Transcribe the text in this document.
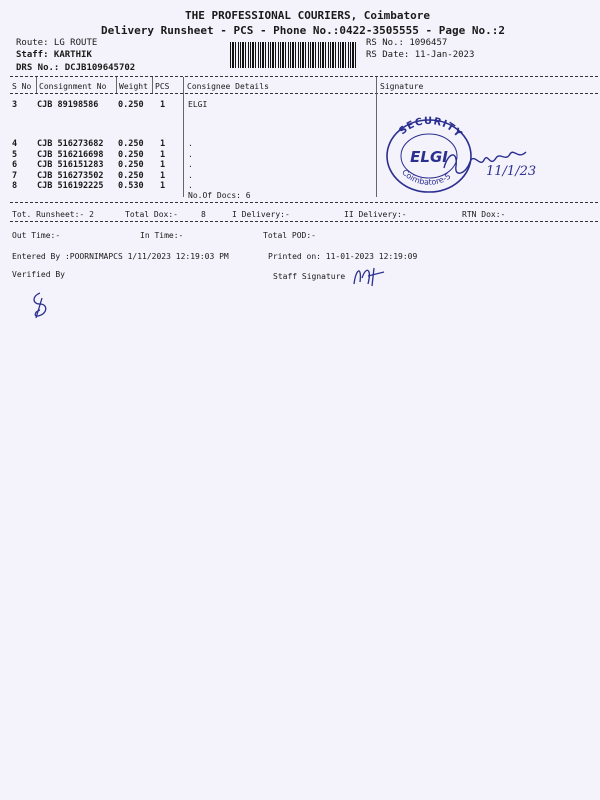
THE PROFESSIONAL COURIERS, Coimbatore
Delivery Runsheet - PCS - Phone No.:0422-3505555 - Page No.:2
Route: LG ROUTE
Staff: KARTHIK
DRS No.: DCJB109645702
RS No.: 1096457
RS Date: 11-Jan-2023
S No Consignment No Weight PCS Consignee Details	Signature
3 CJB 89198586 0.250 1	ELGI
4 CJB 516273682 0.250 1	.
5 CJB 516216698 0.250 1	.
6 CJB 516151283 0.250 1	.
7 CJB 516273502 0.250 1	.
8 CJB 516192225 0.530 1	.
No.Of Docs: 6
SECURITY
ELGI
Coimbatore-5	11/1/23
Tot. Runsheet:- 2	Total Dox:-	8	I Delivery:-	II Delivery:-	RTN Dox:-
Out Time:-	In Time:-	Total POD:-
Entered By :POORNIMAPCS 1/11/2023 12:19:03 PM	Printed on: 11-01-2023 12:19:09
Verified By	Staff Signature
